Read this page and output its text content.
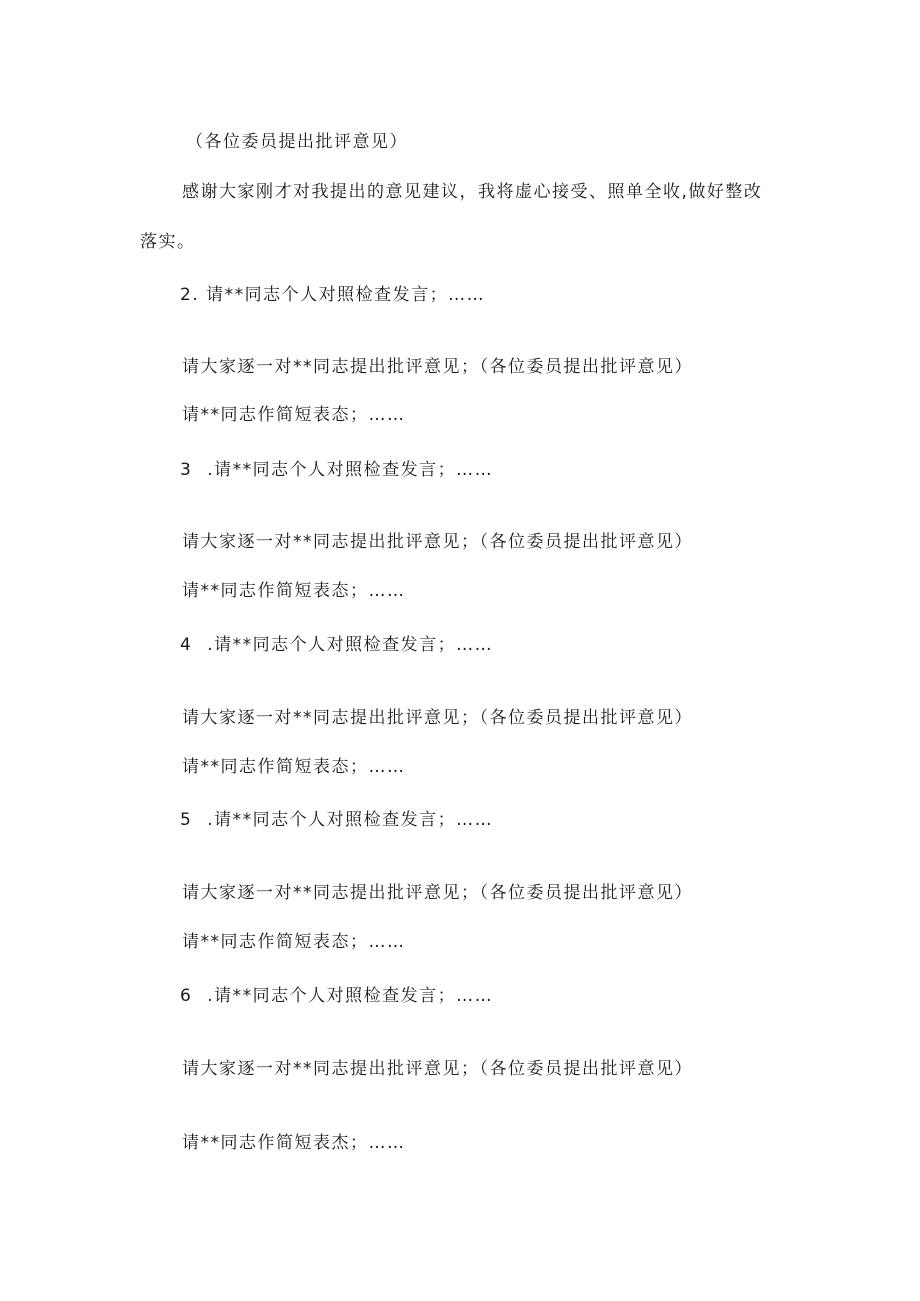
（各位委员提出批评意见）
感谢大家刚才对我提出的意见建议，我将虚心接受、照单全收,做好整改
落实。
2. 请**同志个人对照检查发言；……
请大家逐一对**同志提出批评意见；（各位委员提出批评意见）
请**同志作简短表态；……
3 .请**同志个人对照检查发言；……
请大家逐一对**同志提出批评意见；（各位委员提出批评意见）
请**同志作简短表态；……
4 .请**同志个人对照检查发言；……
请大家逐一对**同志提出批评意见；（各位委员提出批评意见）
请**同志作简短表态；……
5 .请**同志个人对照检查发言；……
请大家逐一对**同志提出批评意见；（各位委员提出批评意见）
请**同志作简短表态；……
6 .请**同志个人对照检查发言；……
请大家逐一对**同志提出批评意见；（各位委员提出批评意见）
请**同志作简短表杰；……
